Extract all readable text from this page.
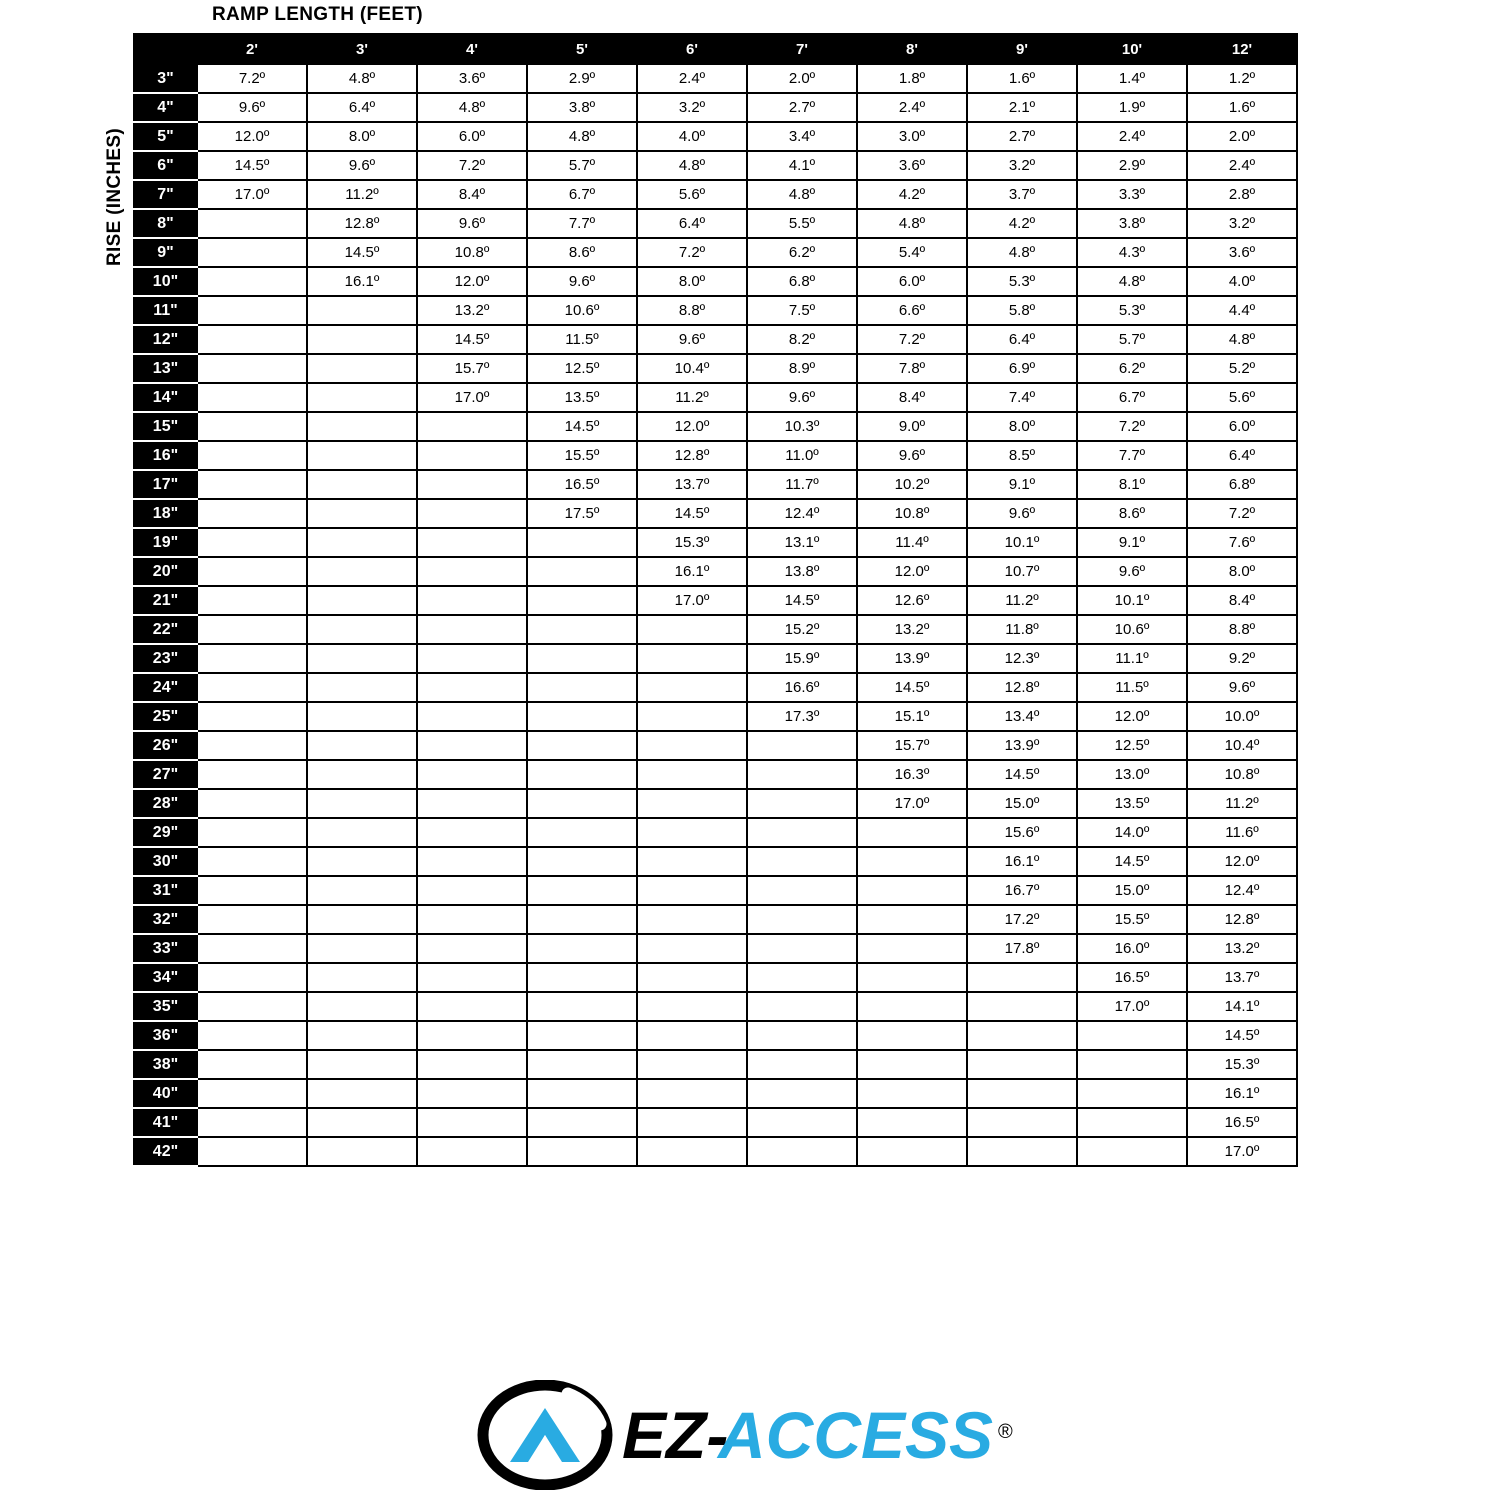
RAMP LENGTH (FEET)
RISE (INCHES)
	2'	3'	4'	5'	6'	7'	8'	9'	10'	12'
3"	7.2º	4.8º	3.6º	2.9º	2.4º	2.0º	1.8º	1.6º	1.4º	1.2º
4"	9.6º	6.4º	4.8º	3.8º	3.2º	2.7º	2.4º	2.1º	1.9º	1.6º
5"	12.0º	8.0º	6.0º	4.8º	4.0º	3.4º	3.0º	2.7º	2.4º	2.0º
6"	14.5º	9.6º	7.2º	5.7º	4.8º	4.1º	3.6º	3.2º	2.9º	2.4º
7"	17.0º	11.2º	8.4º	6.7º	5.6º	4.8º	4.2º	3.7º	3.3º	2.8º
8"		12.8º	9.6º	7.7º	6.4º	5.5º	4.8º	4.2º	3.8º	3.2º
9"		14.5º	10.8º	8.6º	7.2º	6.2º	5.4º	4.8º	4.3º	3.6º
10"		16.1º	12.0º	9.6º	8.0º	6.8º	6.0º	5.3º	4.8º	4.0º
11"			13.2º	10.6º	8.8º	7.5º	6.6º	5.8º	5.3º	4.4º
12"			14.5º	11.5º	9.6º	8.2º	7.2º	6.4º	5.7º	4.8º
13"			15.7º	12.5º	10.4º	8.9º	7.8º	6.9º	6.2º	5.2º
14"			17.0º	13.5º	11.2º	9.6º	8.4º	7.4º	6.7º	5.6º
15"				14.5º	12.0º	10.3º	9.0º	8.0º	7.2º	6.0º
16"				15.5º	12.8º	11.0º	9.6º	8.5º	7.7º	6.4º
17"				16.5º	13.7º	11.7º	10.2º	9.1º	8.1º	6.8º
18"				17.5º	14.5º	12.4º	10.8º	9.6º	8.6º	7.2º
19"					15.3º	13.1º	11.4º	10.1º	9.1º	7.6º
20"					16.1º	13.8º	12.0º	10.7º	9.6º	8.0º
21"					17.0º	14.5º	12.6º	11.2º	10.1º	8.4º
22"						15.2º	13.2º	11.8º	10.6º	8.8º
23"						15.9º	13.9º	12.3º	11.1º	9.2º
24"						16.6º	14.5º	12.8º	11.5º	9.6º
25"						17.3º	15.1º	13.4º	12.0º	10.0º
26"							15.7º	13.9º	12.5º	10.4º
27"							16.3º	14.5º	13.0º	10.8º
28"							17.0º	15.0º	13.5º	11.2º
29"								15.6º	14.0º	11.6º
30"								16.1º	14.5º	12.0º
31"								16.7º	15.0º	12.4º
32"								17.2º	15.5º	12.8º
33"								17.8º	16.0º	13.2º
34"									16.5º	13.7º
35"									17.0º	14.1º
36"										14.5º
38"										15.3º
40"										16.1º
41"										16.5º
42"										17.0º
EZ-
ACCESS ®
